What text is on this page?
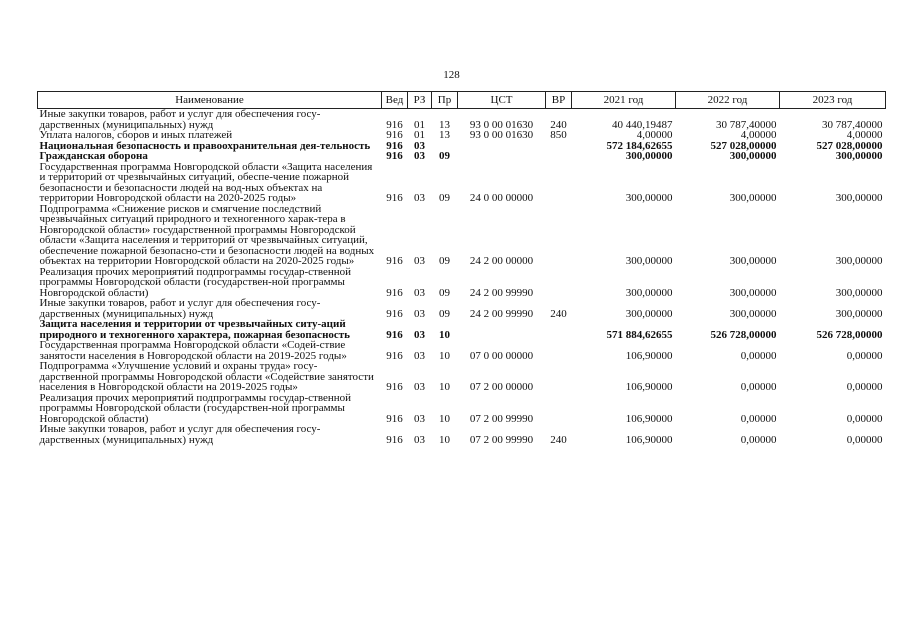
128
Наименование	Вед	РЗ	Пр	ЦСТ	ВР	2021 год	2022 год	2023 год
Иные закупки товаров, работ и услуг для обеспечения госу-дарственных (муниципальных) нужд	916	01	13	93 0 00 01630	240	40 440,19487	30 787,40000	30 787,40000
Уплата налогов, сборов и иных платежей	916	01	13	93 0 00 01630	850	4,00000	4,00000	4,00000
Национальная безопасность и правоохранительная дея-тельность	916	03				572 184,62655	527 028,00000	527 028,00000
Гражданская оборона	916	03	09			300,00000	300,00000	300,00000
Государственная программа Новгородской области «Защита населения и территорий от чрезвычайных ситуаций, обеспе-чение пожарной безопасности и безопасности людей на вод-ных объектах на территории Новгородской области на 2020-2025 годы»	916	03	09	24 0 00 00000		300,00000	300,00000	300,00000
Подпрограмма «Снижение рисков и смягчение последствий чрезвычайных ситуаций природного и техногенного харак-тера в Новгородской области» государственной программы Новгородской области «Защита населения и территорий от чрезвычайных ситуаций, обеспечение пожарной безопасно-сти и безопасности людей на водных объектах на территории Новгородской области на 2020-2025 годы»	916	03	09	24 2 00 00000		300,00000	300,00000	300,00000
Реализация прочих мероприятий подпрограммы государ-ственной программы Новгородской области (государствен-ной программы Новгородской области)	916	03	09	24 2 00 99990		300,00000	300,00000	300,00000
Иные закупки товаров, работ и услуг для обеспечения госу-дарственных (муниципальных) нужд	916	03	09	24 2 00 99990	240	300,00000	300,00000	300,00000
Защита населения и территории от чрезвычайных ситу-аций природного и техногенного характера, пожарная безопасность	916	03	10			571 884,62655	526 728,00000	526 728,00000
Государственная программа Новгородской области «Содей-ствие занятости населения в Новгородской области на 2019-2025 годы»	916	03	10	07 0 00 00000		106,90000	0,00000	0,00000
Подпрограмма «Улучшение условий и охраны труда» госу-дарственной программы Новгородской области «Содействие занятости населения в Новгородской области на 2019-2025 годы»	916	03	10	07 2 00 00000		106,90000	0,00000	0,00000
Реализация прочих мероприятий подпрограммы государ-ственной программы Новгородской области (государствен-ной программы Новгородской области)	916	03	10	07 2 00 99990		106,90000	0,00000	0,00000
Иные закупки товаров, работ и услуг для обеспечения госу-дарственных (муниципальных) нужд	916	03	10	07 2 00 99990	240	106,90000	0,00000	0,00000
